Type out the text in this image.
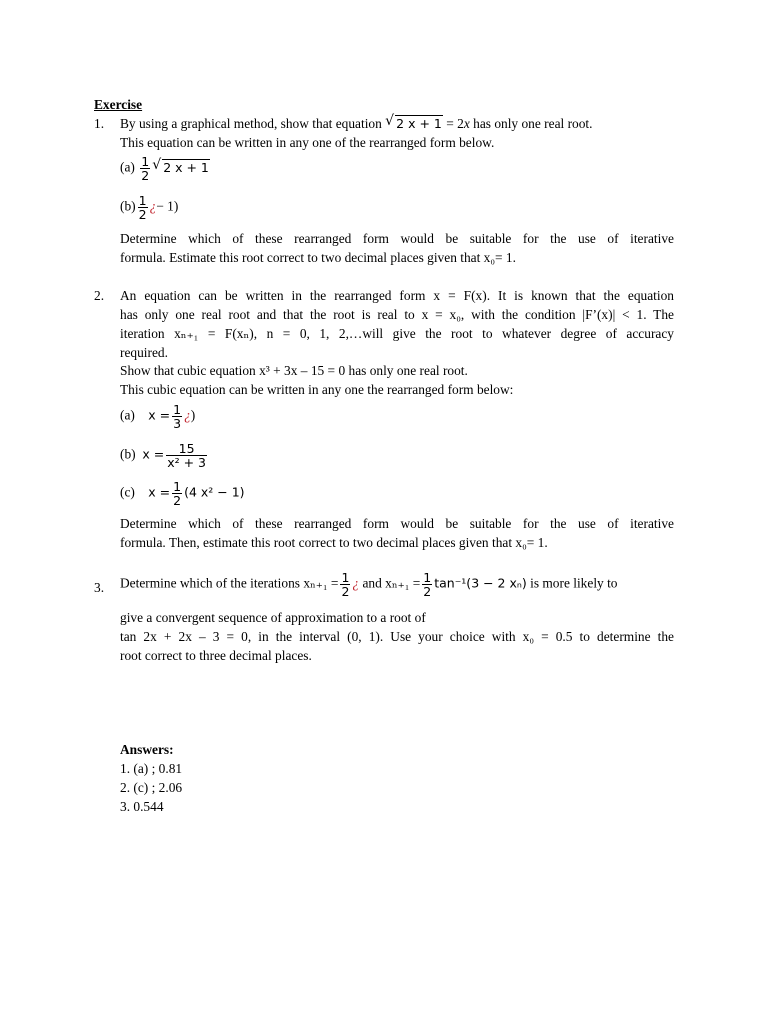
Exercise
1. By using a graphical method, show that equation √ 2 x + 1 = 2x has only one real root.
This equation can be written in any one of the rearranged form below.
$(a) \frac{1}{2}$ √ 2 x + 1
$(b) \frac{1}{2}$ ¿− 1)
Determine which of these rearranged form would be suitable for the use of iterative
formula. Estimate this root correct to two decimal places given that x₀= 1.
2. An equation can be written in the rearranged form x = F(x). It is known that the equation
has only one real root and that the root is real to x = x₀, with the condition |F’(x)| < 1. The
iteration xₙ₊₁ = F(xₙ), n = 0, 1, 2,…will give the root to whatever degree of accuracy
required.
Show that cubic equation x³ + 3x – 15 = 0 has only one real root.
This cubic equation can be written in any one the rearranged form below:
(a) $x = \frac{1}{3}$ ¿)
(b) $x = \frac{15}{\text{x² + 3}}$
(c) $x = \frac{1}{2} (4$ x² − 1)
Determine which of these rearranged form would be suitable for the use of iterative
formula. Then, estimate this root correct to two decimal places given that x₀= 1.
3. Determine which of the iterations $x_{n+1} = \frac{1}{2}$ ¿ and $x_{n+1} = \frac{1}{2} \tan^{-1}(3 - 2$ xₙ) is more likely to
give a convergent sequence of approximation to a root of
tan 2x + 2x – 3 = 0, in the interval (0, 1). Use your choice with x₀ = 0.5 to determine the
root correct to three decimal places.
Answers:
1. (a) ; 0.81
2. (c) ; 2.06
3. 0.544
